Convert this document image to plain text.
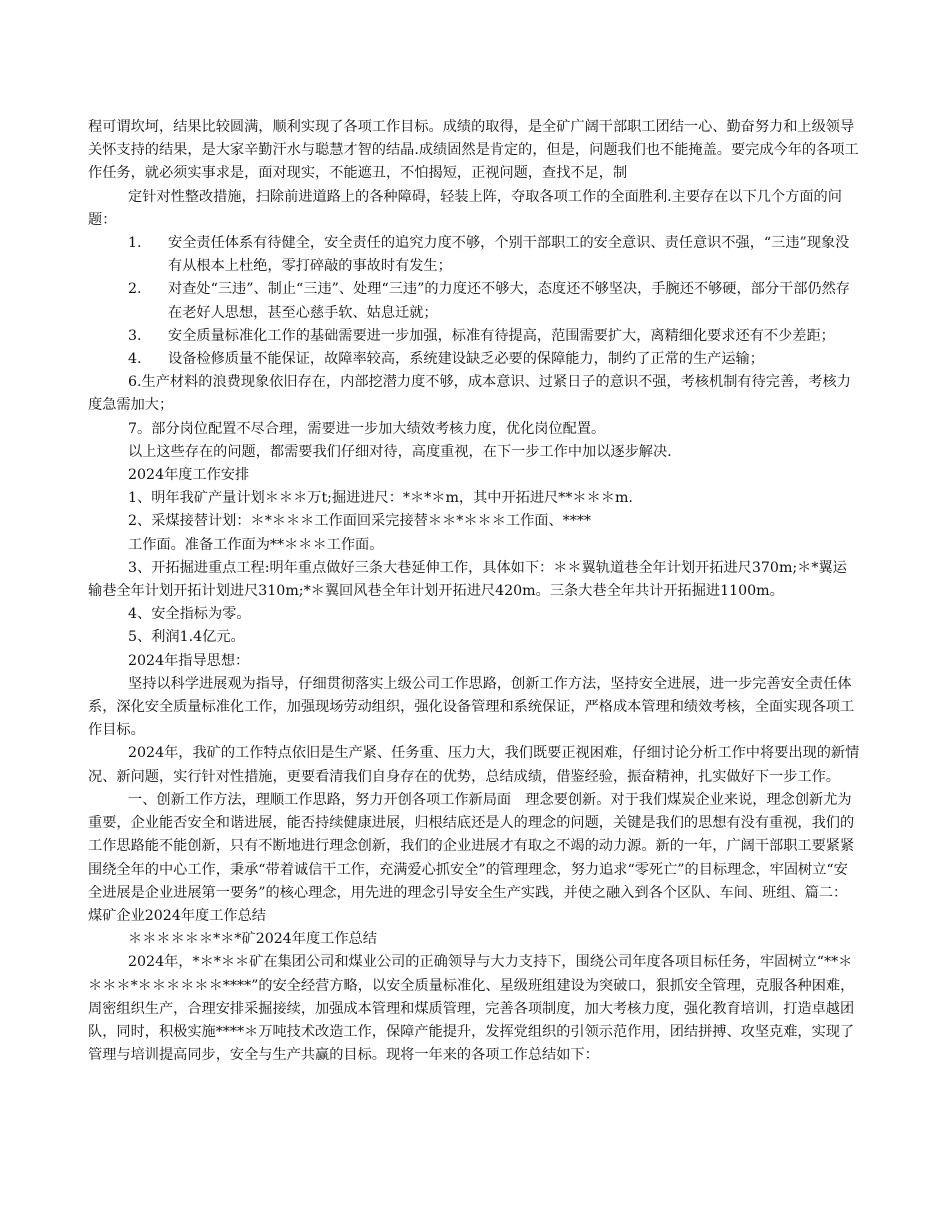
程可谓坎坷，结果比较圆满，顺利实现了各项工作目标。成绩的取得，是全矿广阔干部职工团结一心、勤奋努力和上级领导关怀支持的结果，是大家辛勤汗水与聪慧才智的结晶.成绩固然是肯定的，但是，问题我们也不能掩盖。要完成今年的各项工作任务，就必须实事求是，面对现实，不能遮丑，不怕揭短，正视问题，查找不足，制

定针对性整改措施，扫除前进道路上的各种障碍，轻装上阵，夺取各项工作的全面胜利.主要存在以下几个方面的问题：

1.	安全责任体系有待健全，安全责任的追究力度不够，个别干部职工的安全意识、责任意识不强，“三违”现象没有从根本上杜绝，零打碎敲的事故时有发生；
2.	对查处“三违”、制止“三违”、处理“三违”的力度还不够大，态度还不够坚决，手腕还不够硬，部分干部仍然存在老好人思想，甚至心慈手软、姑息迁就；
3.	安全质量标准化工作的基础需要进一步加强，标准有待提高，范围需要扩大，离精细化要求还有不少差距；
4.	设备检修质量不能保证，故障率较高，系统建设缺乏必要的保障能力，制约了正常的生产运输；

6.生产材料的浪费现象依旧存在，内部挖潜力度不够，成本意识、过紧日子的意识不强，考核机制有待完善，考核力度急需加大；

7。部分岗位配置不尽合理，需要进一步加大绩效考核力度，优化岗位配置。

以上这些存在的问题，都需要我们仔细对待，高度重视，在下一步工作中加以逐步解决.

2024年度工作安排

1、明年我矿产量计划＊＊＊万t;掘进进尺：*＊*＊m，其中开拓进尺**＊＊＊m.

2、采煤接替计划：＊*＊＊＊工作面回采完接替＊＊*＊＊＊工作面、****

工作面。准备工作面为**＊＊＊工作面。

3、开拓掘进重点工程:明年重点做好三条大巷延伸工作，具体如下：＊＊翼轨道巷全年计划开拓进尺370m;＊*翼运输巷全年计划开拓计划进尺310m;*＊翼回风巷全年计划开拓进尺420m。三条大巷全年共计开拓掘进1100m。

4、安全指标为零。

5、利润1.4亿元。

2024年指导思想：

坚持以科学进展观为指导，仔细贯彻落实上级公司工作思路，创新工作方法，坚持安全进展，进一步完善安全责任体系，深化安全质量标准化工作，加强现场劳动组织，强化设备管理和系统保证，严格成本管理和绩效考核，全面实现各项工作目标。

2024年，我矿的工作特点依旧是生产紧、任务重、压力大，我们既要正视困难，仔细讨论分析工作中将要出现的新情况、新问题，实行针对性措施，更要看清我们自身存在的优势，总结成绩，借鉴经验，振奋精神，扎实做好下一步工作。

一、创新工作方法，理顺工作思路，努力开创各项工作新局面　理念要创新。对于我们煤炭企业来说，理念创新尤为重要，企业能否安全和谐进展，能否持续健康进展，归根结底还是人的理念的问题，关键是我们的思想有没有重视，我们的工作思路能不能创新，只有不断地进行理念创新，我们的企业进展才有取之不竭的动力源。新的一年，广阔干部职工要紧紧围绕全年的中心工作，秉承“带着诚信干工作，充满爱心抓安全”的管理理念，努力追求“零死亡”的目标理念，牢固树立“安全进展是企业进展第一要务”的核心理念，用先进的理念引导安全生产实践，并使之融入到各个区队、车间、班组、篇二：煤矿企业2024年度工作总结

＊＊＊＊＊＊*＊*矿2024年度工作总结

2024年，*＊*＊＊矿在集团公司和煤业公司的正确领导与大力支持下，围绕公司年度各项目标任务，牢固树立“**＊＊＊＊*＊＊＊＊＊＊****”的安全经营方略，以安全质量标准化、星级班组建设为突破口，狠抓安全管理，克服各种困难，周密组织生产，合理安排采掘接续，加强成本管理和煤质管理，完善各项制度，加大考核力度，强化教育培训，打造卓越团队，同时，积极实施****＊万吨技术改造工作，保障产能提升，发挥党组织的引领示范作用，团结拼搏、攻坚克难，实现了管理与培训提高同步，安全与生产共赢的目标。现将一年来的各项工作总结如下：
